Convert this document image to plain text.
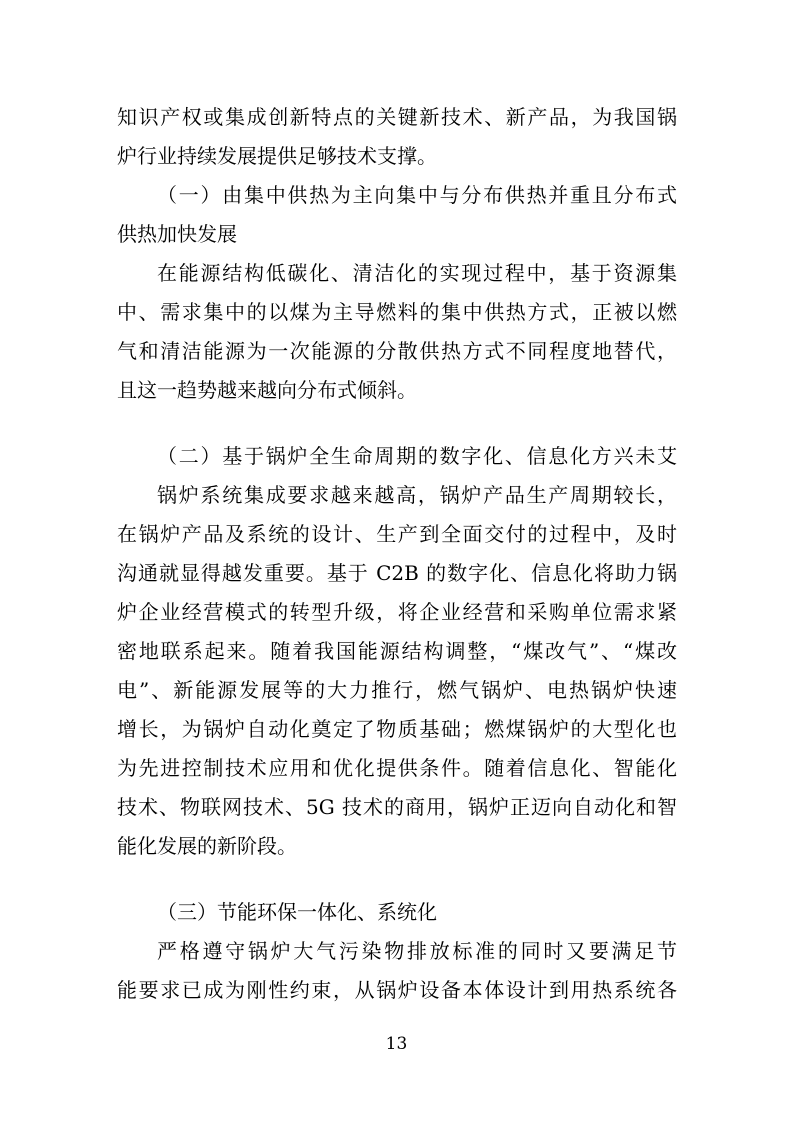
知识产权或集成创新特点的关键新技术、新产品，为我国锅
炉行业持续发展提供足够技术支撑。
（一）由集中供热为主向集中与分布供热并重且分布式
供热加快发展
在能源结构低碳化、清洁化的实现过程中，基于资源集
中、需求集中的以煤为主导燃料的集中供热方式，正被以燃
气和清洁能源为一次能源的分散供热方式不同程度地替代，
且这一趋势越来越向分布式倾斜。
（二）基于锅炉全生命周期的数字化、信息化方兴未艾
锅炉系统集成要求越来越高，锅炉产品生产周期较长，
在锅炉产品及系统的设计、生产到全面交付的过程中，及时
沟通就显得越发重要。基于 C2B 的数字化、信息化将助力锅
炉企业经营模式的转型升级，将企业经营和采购单位需求紧
密地联系起来。随着我国能源结构调整，“煤改气”、“煤改
电”、新能源发展等的大力推行，燃气锅炉、电热锅炉快速
增长，为锅炉自动化奠定了物质基础；燃煤锅炉的大型化也
为先进控制技术应用和优化提供条件。随着信息化、智能化
技术、物联网技术、5G 技术的商用，锅炉正迈向自动化和智
能化发展的新阶段。
（三）节能环保一体化、系统化
严格遵守锅炉大气污染物排放标准的同时又要满足节
能要求已成为刚性约束，从锅炉设备本体设计到用热系统各
13
